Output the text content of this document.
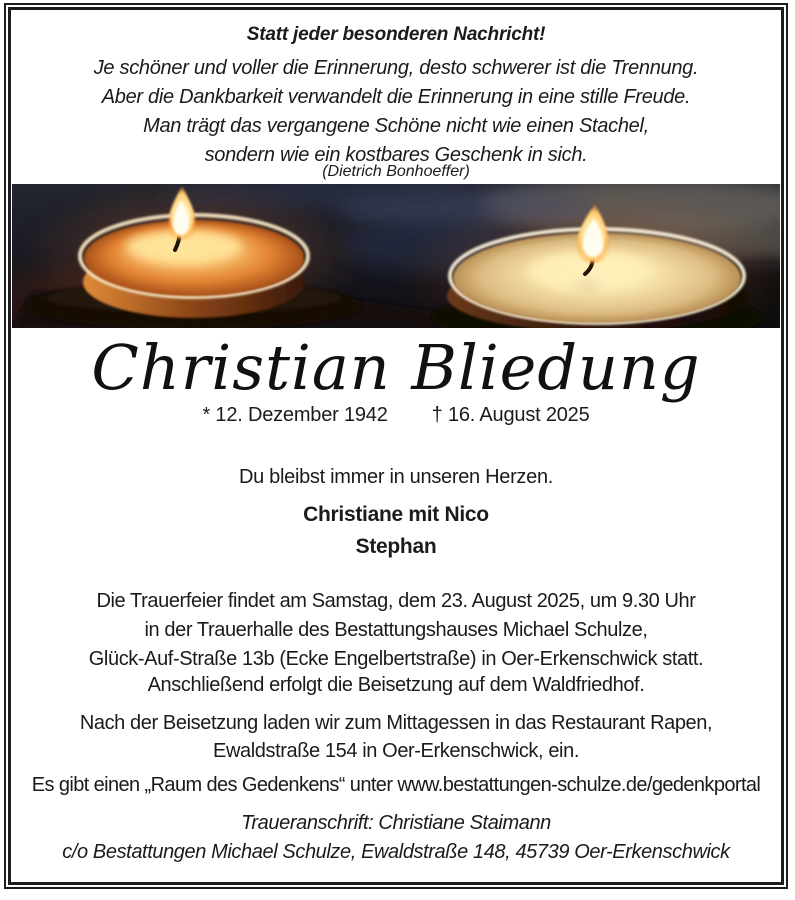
Statt jeder besonderen Nachricht!
Je schöner und voller die Erinnerung, desto schwerer ist die Trennung.
Aber die Dankbarkeit verwandelt die Erinnerung in eine stille Freude.
Man trägt das vergangene Schöne nicht wie einen Stachel,
sondern wie ein kostbares Geschenk in sich.
(Dietrich Bonhoeffer)
Christian Bliedung
* 12. Dezember 1942 † 16. August 2025
Du bleibst immer in unseren Herzen.
Christiane mit Nico
Stephan
Die Trauerfeier findet am Samstag, dem 23. August 2025, um 9.30 Uhr
in der Trauerhalle des Bestattungshauses Michael Schulze,
Glück-Auf-Straße 13b (Ecke Engelbertstraße) in Oer-Erkenschwick statt.
Anschließend erfolgt die Beisetzung auf dem Waldfriedhof.
Nach der Beisetzung laden wir zum Mittagessen in das Restaurant Rapen,
Ewaldstraße 154 in Oer-Erkenschwick, ein.
Es gibt einen „Raum des Gedenkens“ unter www.bestattungen-schulze.de/gedenkportal
Traueranschrift: Christiane Staimann
c/o Bestattungen Michael Schulze, Ewaldstraße 148, 45739 Oer-Erkenschwick
